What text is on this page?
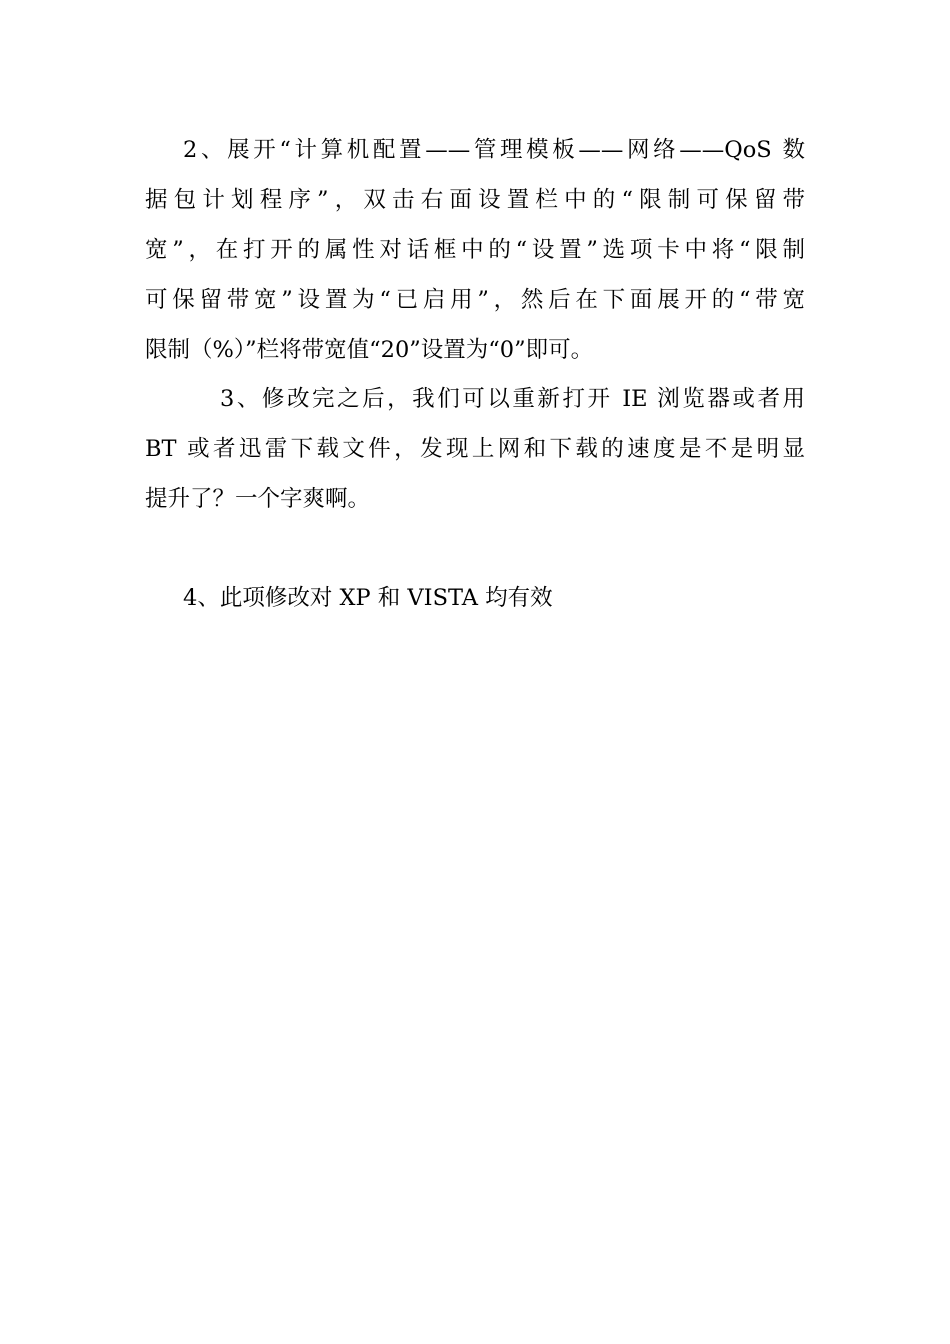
2、展开“计算机配置——管理模板——网络——QoS 数
据包计划程序”，双击右面设置栏中的“限制可保留带
宽”，在打开的属性对话框中的“设置”选项卡中将“限制
可保留带宽”设置为“已启用”，然后在下面展开的“带宽
限制（%）”栏将带宽值“20”设置为“0”即可。
3、修改完之后，我们可以重新打开 IE 浏览器或者用
BT 或者迅雷下载文件，发现上网和下载的速度是不是明显
提升了？一个字爽啊。
4、此项修改对 XP 和 VISTA 均有效
